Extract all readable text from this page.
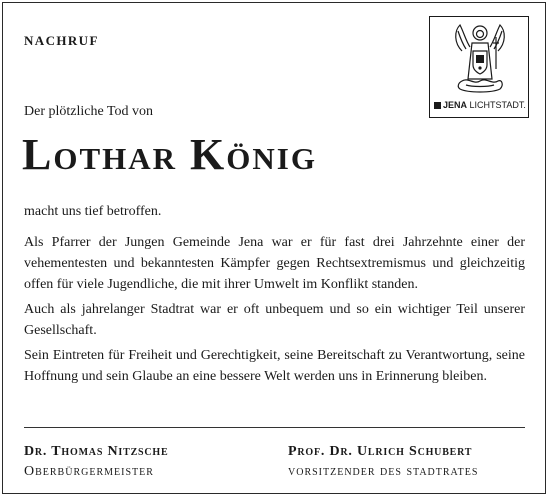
NACHRUF
JENA LICHTSTADT.
Der plötzliche Tod von
Lothar König

macht uns tief betroffen.

Als Pfarrer der Jungen Gemeinde Jena war er für fast drei Jahrzehnte einer der vehementesten und bekanntesten Kämpfer gegen Rechtsextremismus und gleichzeitig offen für viele Jugendliche, die mit ihrer Umwelt im Konflikt standen.

Auch als jahrelanger Stadtrat war er oft unbequem und so ein wichtiger Teil unserer Gesellschaft.

Sein Eintreten für Freiheit und Gerechtigkeit, seine Bereitschaft zu Verantwortung, seine Hoffnung und sein Glaube an eine bessere Welt werden uns in Erinnerung bleiben.

Dr. Thomas Nitzsche
Oberbürgermeister
Prof. Dr. Ulrich Schubert
vorsitzender des stadtrates
